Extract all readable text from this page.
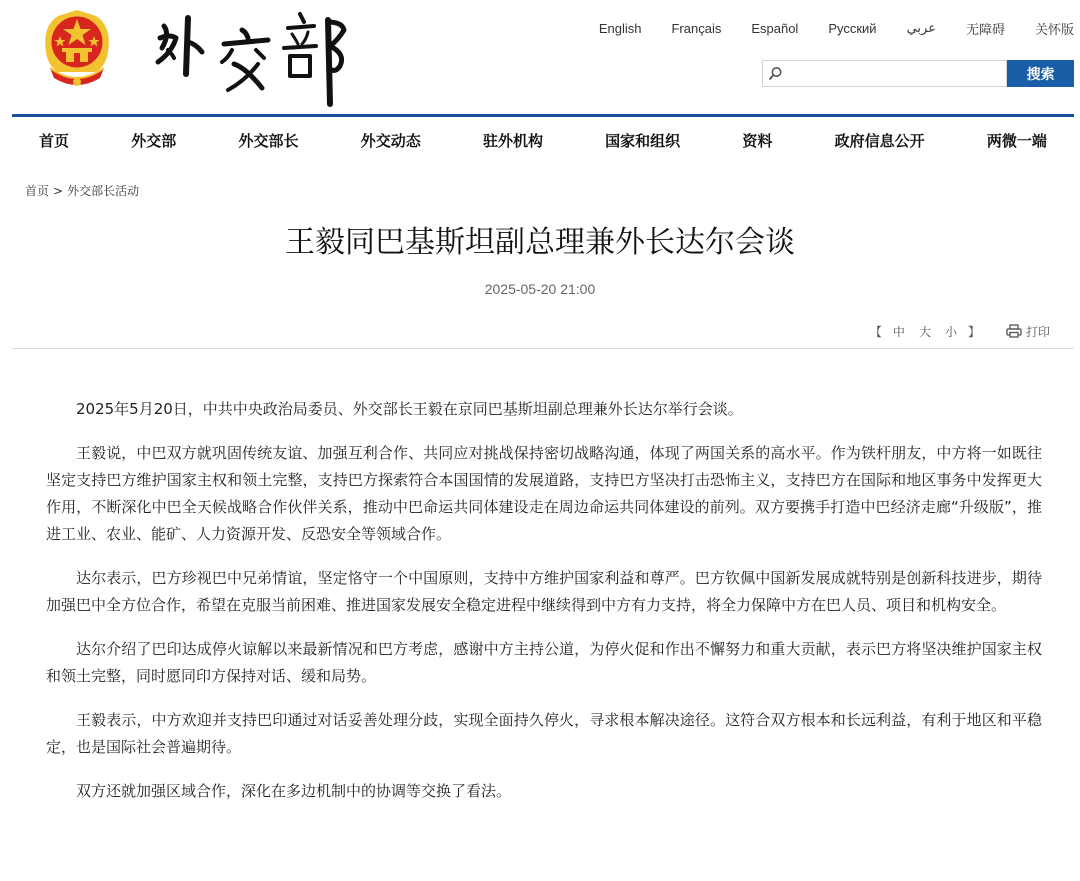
English Français Español Русский عربي 无障碍 关怀版
搜索
首页	外交部	外交部长	外交动态	驻外机构	国家和组织	资料	政府信息公开	两微一端
首页 > 外交部长活动
王毅同巴基斯坦副总理兼外长达尔会谈
2025-05-20 21:00
【 中 大 小 】	打印

2025年5月20日，中共中央政治局委员、外交部长王毅在京同巴基斯坦副总理兼外长达尔举行会谈。

王毅说，中巴双方就巩固传统友谊、加强互利合作、共同应对挑战保持密切战略沟通，体现了两国关系的高水平。作为铁杆朋友，中方将一如既往坚定支持巴方维护国家主权和领土完整，支持巴方探索符合本国国情的发展道路，支持巴方坚决打击恐怖主义，支持巴方在国际和地区事务中发挥更大作用，不断深化中巴全天候战略合作伙伴关系，推动中巴命运共同体建设走在周边命运共同体建设的前列。双方要携手打造中巴经济走廊“升级版”，推进工业、农业、能矿、人力资源开发、反恐安全等领域合作。

达尔表示，巴方珍视巴中兄弟情谊，坚定恪守一个中国原则，支持中方维护国家利益和尊严。巴方钦佩中国新发展成就特别是创新科技进步，期待加强巴中全方位合作，希望在克服当前困难、推进国家发展安全稳定进程中继续得到中方有力支持，将全力保障中方在巴人员、项目和机构安全。

达尔介绍了巴印达成停火谅解以来最新情况和巴方考虑，感谢中方主持公道，为停火促和作出不懈努力和重大贡献，表示巴方将坚决维护国家主权和领土完整，同时愿同印方保持对话、缓和局势。

王毅表示，中方欢迎并支持巴印通过对话妥善处理分歧，实现全面持久停火，寻求根本解决途径。这符合双方根本和长远利益，有利于地区和平稳定，也是国际社会普遍期待。

双方还就加强区域合作，深化在多边机制中的协调等交换了看法。
